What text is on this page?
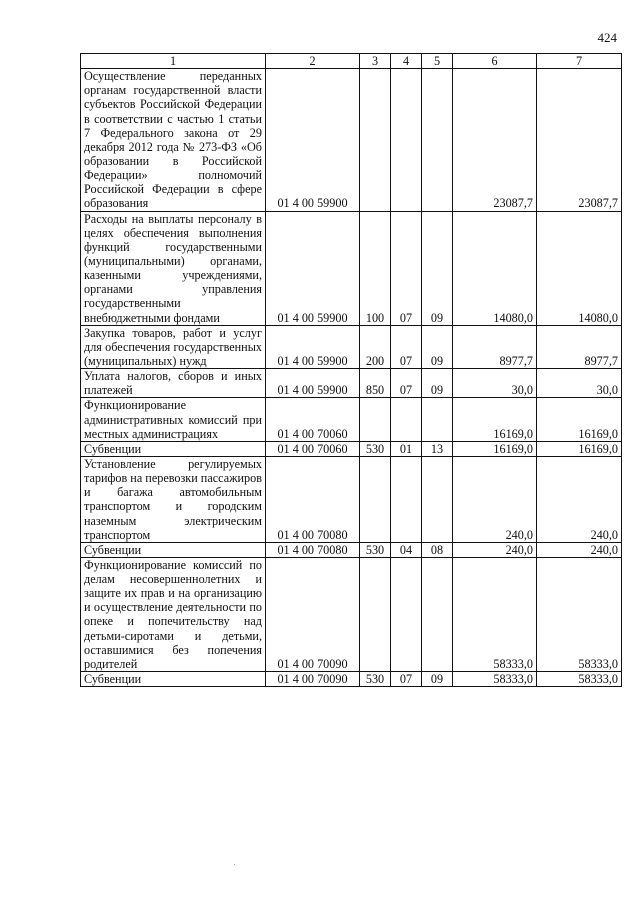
424
1	2	3	4	5	6	7
Осуществление переданных органам государственной власти субъектов Российской Федерации в соответствии с частью 1 статьи 7 Федерального закона от 29 декабря 2012 года № 273-ФЗ «Об образовании в Российской Федерации» полномочий Российской Федерации в сфере образования	01 4 00 59900				23087,7	23087,7
Расходы на выплаты персоналу в целях обеспечения выполнения функций государственными (муниципальными) органами, казенными учреждениями, органами управления государственными внебюджетными фондами	01 4 00 59900	100	07	09	14080,0	14080,0
Закупка товаров, работ и услуг для обеспечения государственных (муниципальных) нужд	01 4 00 59900	200	07	09	8977,7	8977,7
Уплата налогов, сборов и иных платежей	01 4 00 59900	850	07	09	30,0	30,0
Функционирование административных комиссий при местных администрациях	01 4 00 70060				16169,0	16169,0
Субвенции	01 4 00 70060	530	01	13	16169,0	16169,0
Установление регулируемых тарифов на перевозки пассажиров и багажа автомобильным транспортом и городским наземным электрическим транспортом	01 4 00 70080				240,0	240,0
Субвенции	01 4 00 70080	530	04	08	240,0	240,0
Функционирование комиссий по делам несовершеннолетних и защите их прав и на организацию и осуществление деятельности по опеке и попечительству над детьми-сиротами и детьми, оставшимися без попечения родителей	01 4 00 70090				58333,0	58333,0
Субвенции	01 4 00 70090	530	07	09	58333,0	58333,0
